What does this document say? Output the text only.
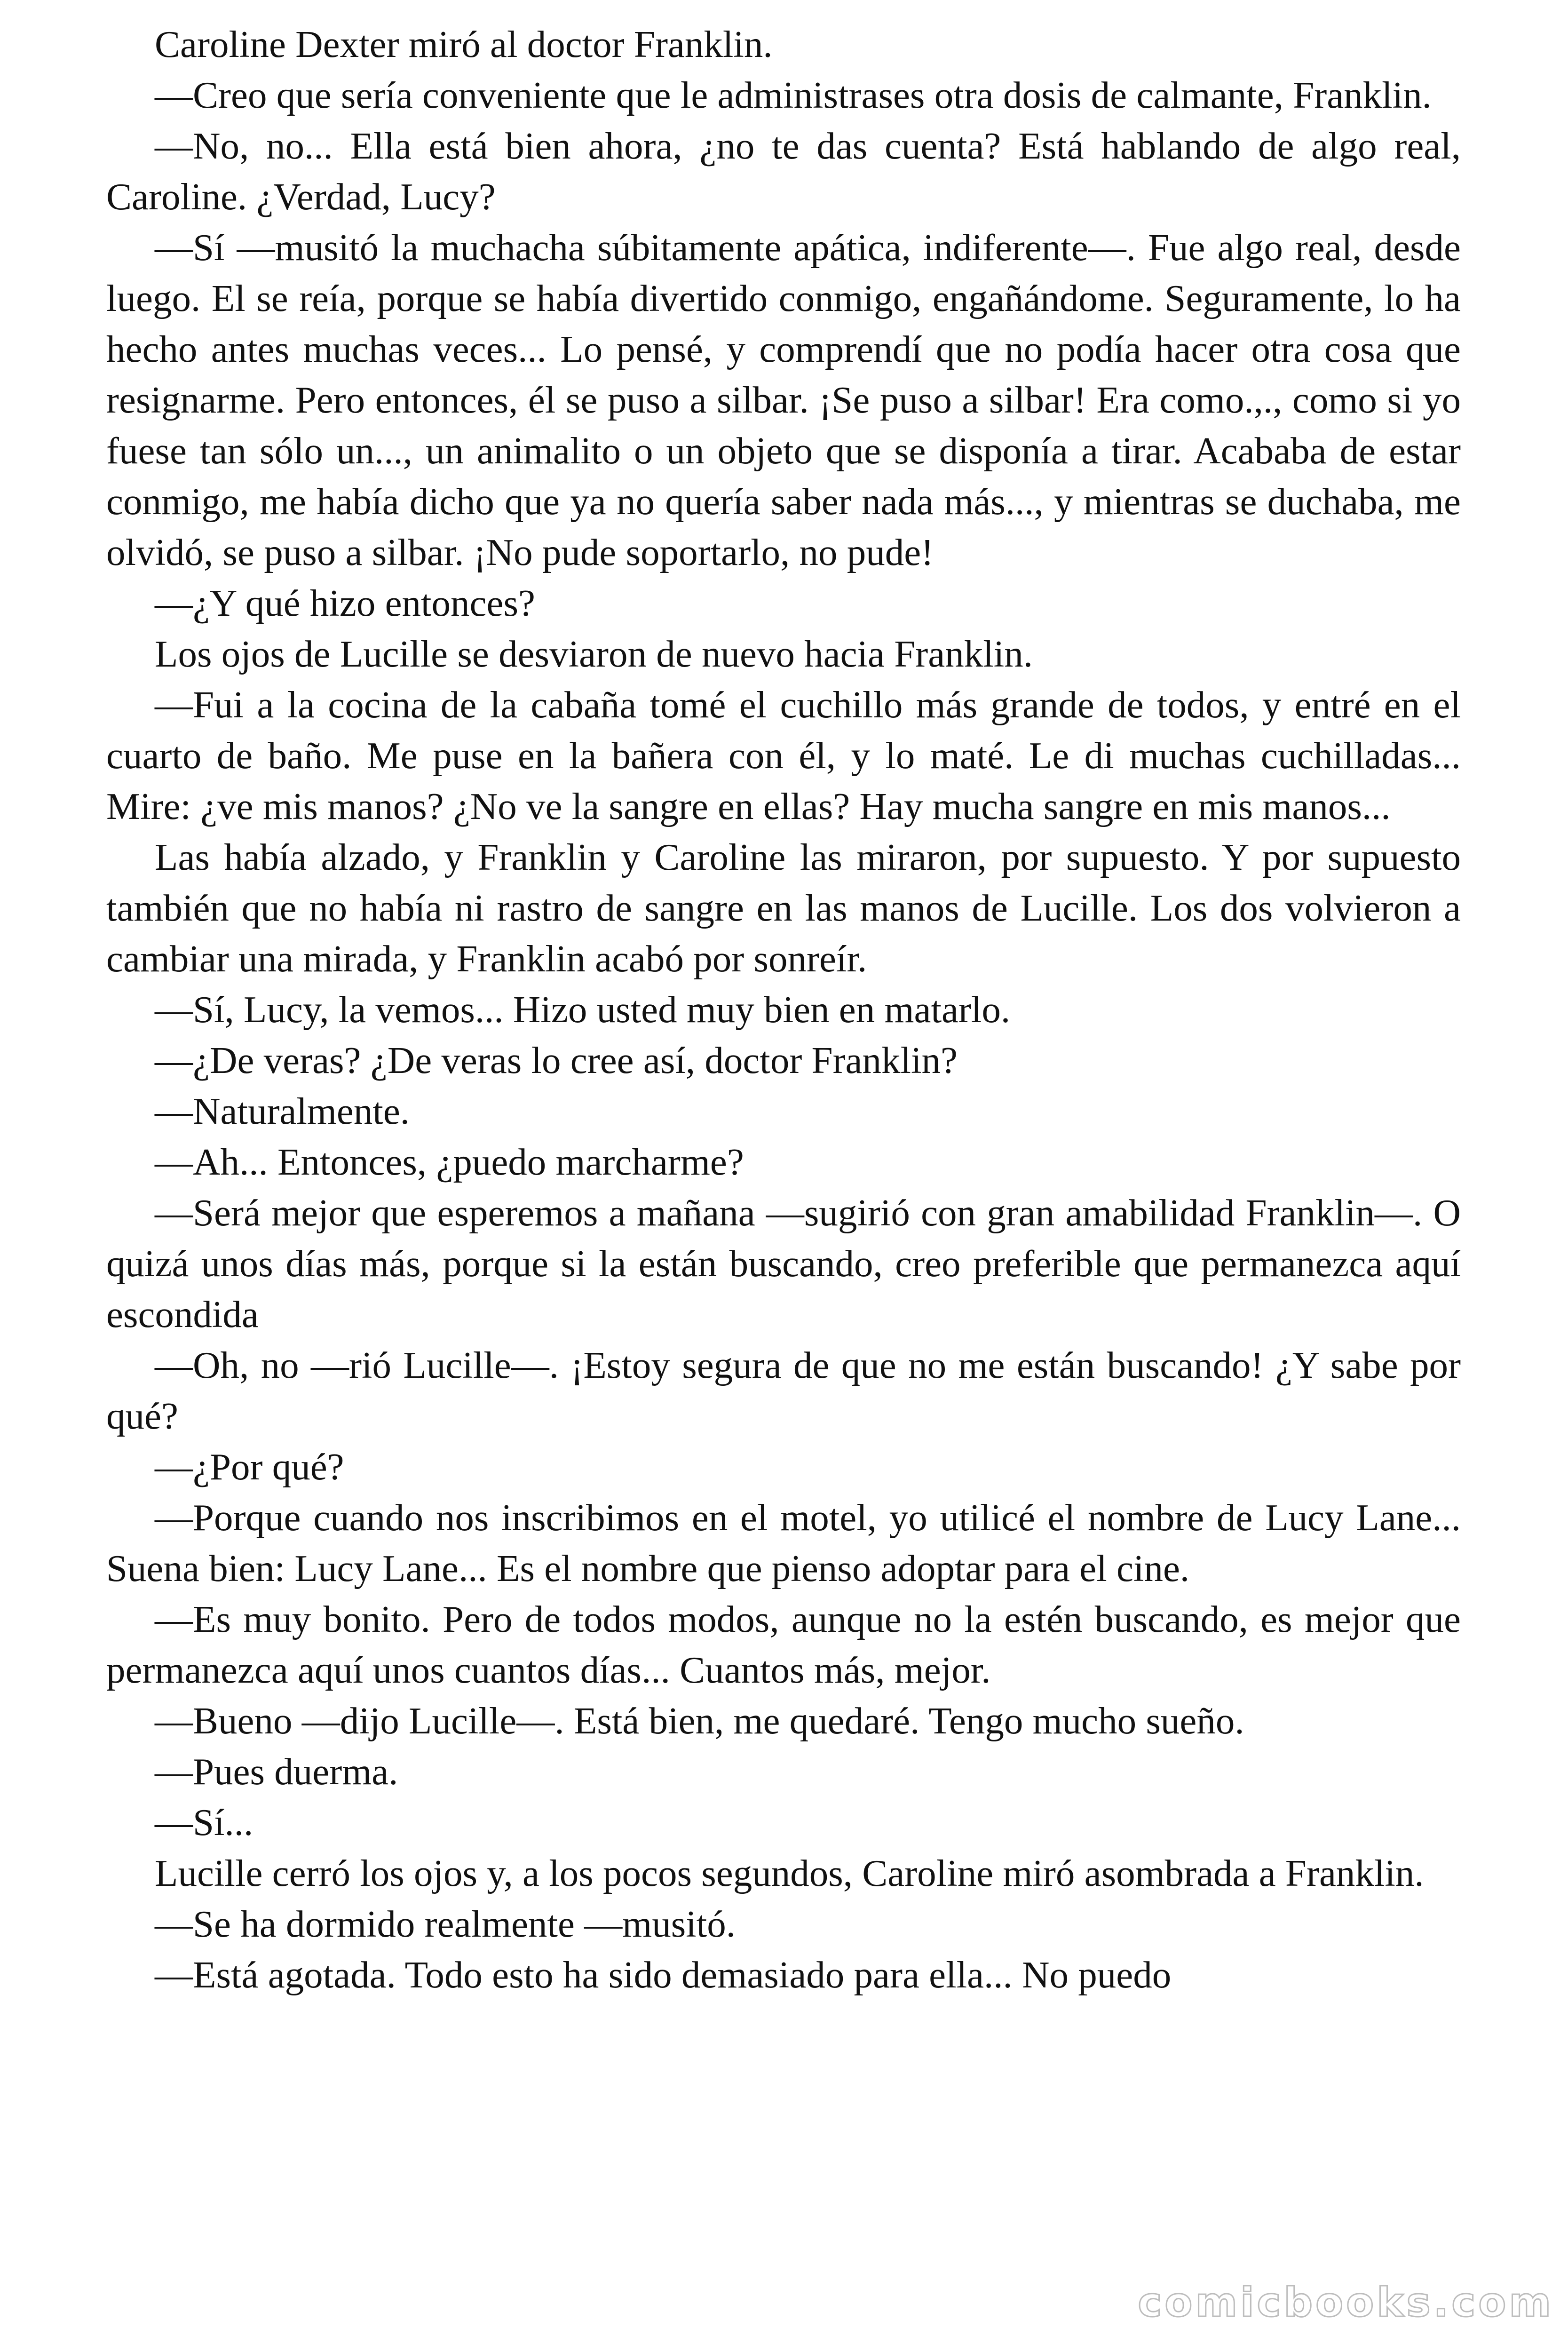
Caroline Dexter miró al doctor Franklin.

—Creo que sería conveniente que le administrases otra dosis de calmante, Franklin.

—No, no... Ella está bien ahora, ¿no te das cuenta? Está hablando de algo real, Caroline. ¿Verdad, Lucy?

—Sí —musitó la muchacha súbitamente apática, indiferente—. Fue algo real, desde luego. El se reía, porque se había divertido conmigo, engañándome. Seguramente, lo ha hecho antes muchas veces... Lo pensé, y comprendí que no podía hacer otra cosa que resignarme. Pero entonces, él se puso a silbar. ¡Se puso a silbar! Era como.,., como si yo fuese tan sólo un..., un animalito o un objeto que se disponía a tirar. Acababa de estar conmigo, me había dicho que ya no quería saber nada más..., y mientras se duchaba, me olvidó, se puso a silbar. ¡No pude soportarlo, no pude!

—¿Y qué hizo entonces?

Los ojos de Lucille se desviaron de nuevo hacia Franklin.

—Fui a la cocina de la cabaña tomé el cuchillo más grande de todos, y entré en el cuarto de baño. Me puse en la bañera con él, y lo maté. Le di muchas cuchilladas... Mire: ¿ve mis manos? ¿No ve la sangre en ellas? Hay mucha sangre en mis manos...

Las había alzado, y Franklin y Caroline las miraron, por supuesto. Y por supuesto también que no había ni rastro de sangre en las manos de Lucille. Los dos volvieron a cambiar una mirada, y Franklin acabó por sonreír.

—Sí, Lucy, la vemos... Hizo usted muy bien en matarlo.

—¿De veras? ¿De veras lo cree así, doctor Franklin?

—Naturalmente.

—Ah... Entonces, ¿puedo marcharme?

—Será mejor que esperemos a mañana —sugirió con gran amabilidad Franklin—. O quizá unos días más, porque si la están buscando, creo preferible que permanezca aquí escondida

—Oh, no —rió Lucille—. ¡Estoy segura de que no me están buscando! ¿Y sabe por qué?

—¿Por qué?

—Porque cuando nos inscribimos en el motel, yo utilicé el nombre de Lucy Lane... Suena bien: Lucy Lane... Es el nombre que pienso adoptar para el cine.

—Es muy bonito. Pero de todos modos, aunque no la estén buscando, es mejor que permanezca aquí unos cuantos días... Cuantos más, mejor.

—Bueno —dijo Lucille—. Está bien, me quedaré. Tengo mucho sueño.

—Pues duerma.

—Sí...

Lucille cerró los ojos y, a los pocos segundos, Caroline miró asombrada a Franklin.

—Se ha dormido realmente —musitó.

—Está agotada. Todo esto ha sido demasiado para ella... No puedo

comicbooks.com
